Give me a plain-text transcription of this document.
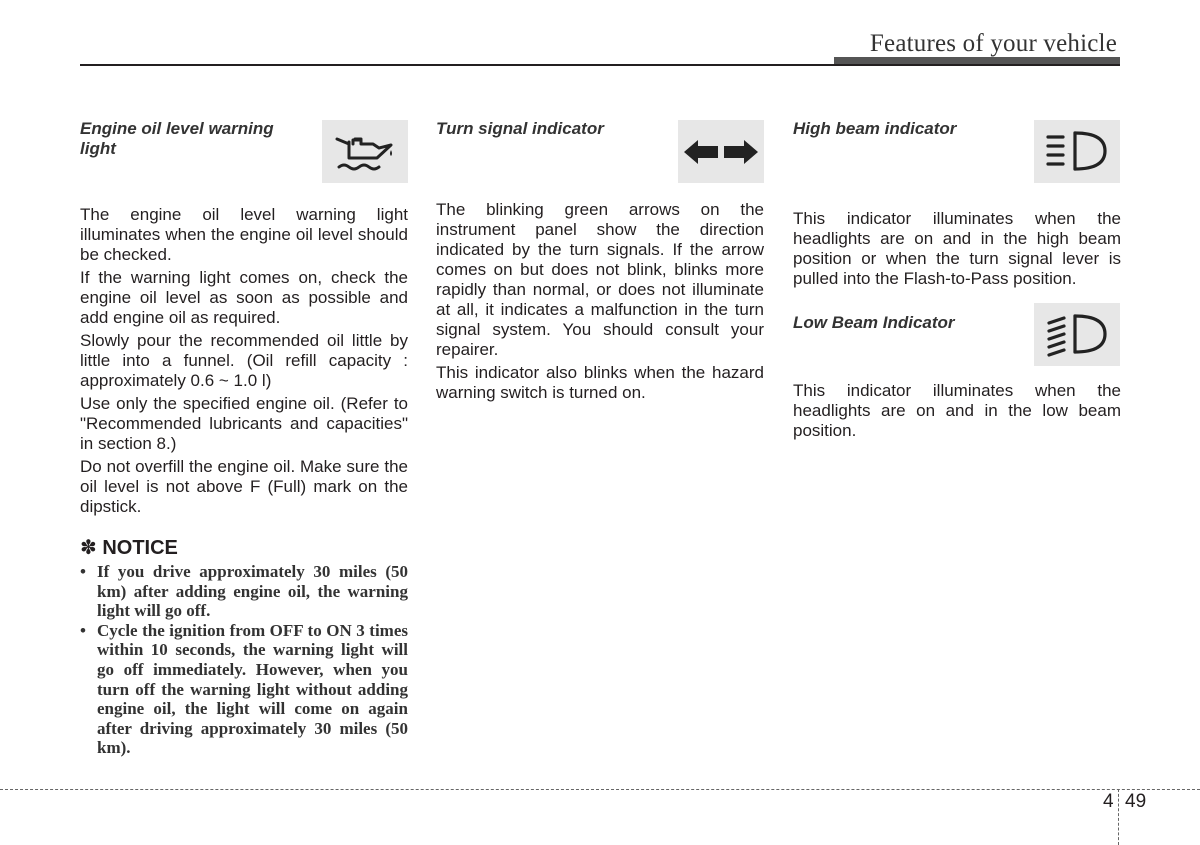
Features of your vehicle
Engine oil level warning light

The engine oil level warning light illuminates when the engine oil level should be checked.

If the warning light comes on, check the engine oil level as soon as possible and add engine oil as required.

Slowly pour the recommended oil little by little into a funnel. (Oil refill capacity : approximately 0.6 ~ 1.0 l)

Use only the specified engine oil. (Refer to "Recommended lubricants and capacities" in section 8.)

Do not overfill the engine oil. Make sure the oil level is not above F (Full) mark on the dipstick.

✽ NOTICE
• If you drive approximately 30 miles (50 km) after adding engine oil, the warning light will go off.
• Cycle the ignition from OFF to ON 3 times within 10 seconds, the warning light will go off immediately. However, when you turn off the warning light without adding engine oil, the light will come on again after driving approximately 30 miles (50 km).
Turn signal indicator

The blinking green arrows on the instrument panel show the direction indicated by the turn signals. If the arrow comes on but does not blink, blinks more rapidly than normal, or does not illuminate at all, it indicates a malfunction in the turn signal system. You should consult your repairer.

This indicator also blinks when the hazard warning switch is turned on.

High beam indicator

This indicator illuminates when the headlights are on and in the high beam position or when the turn signal lever is pulled into the Flash-to-Pass position.

Low Beam Indicator

This indicator illuminates when the headlights are on and in the low beam position.

4 49
